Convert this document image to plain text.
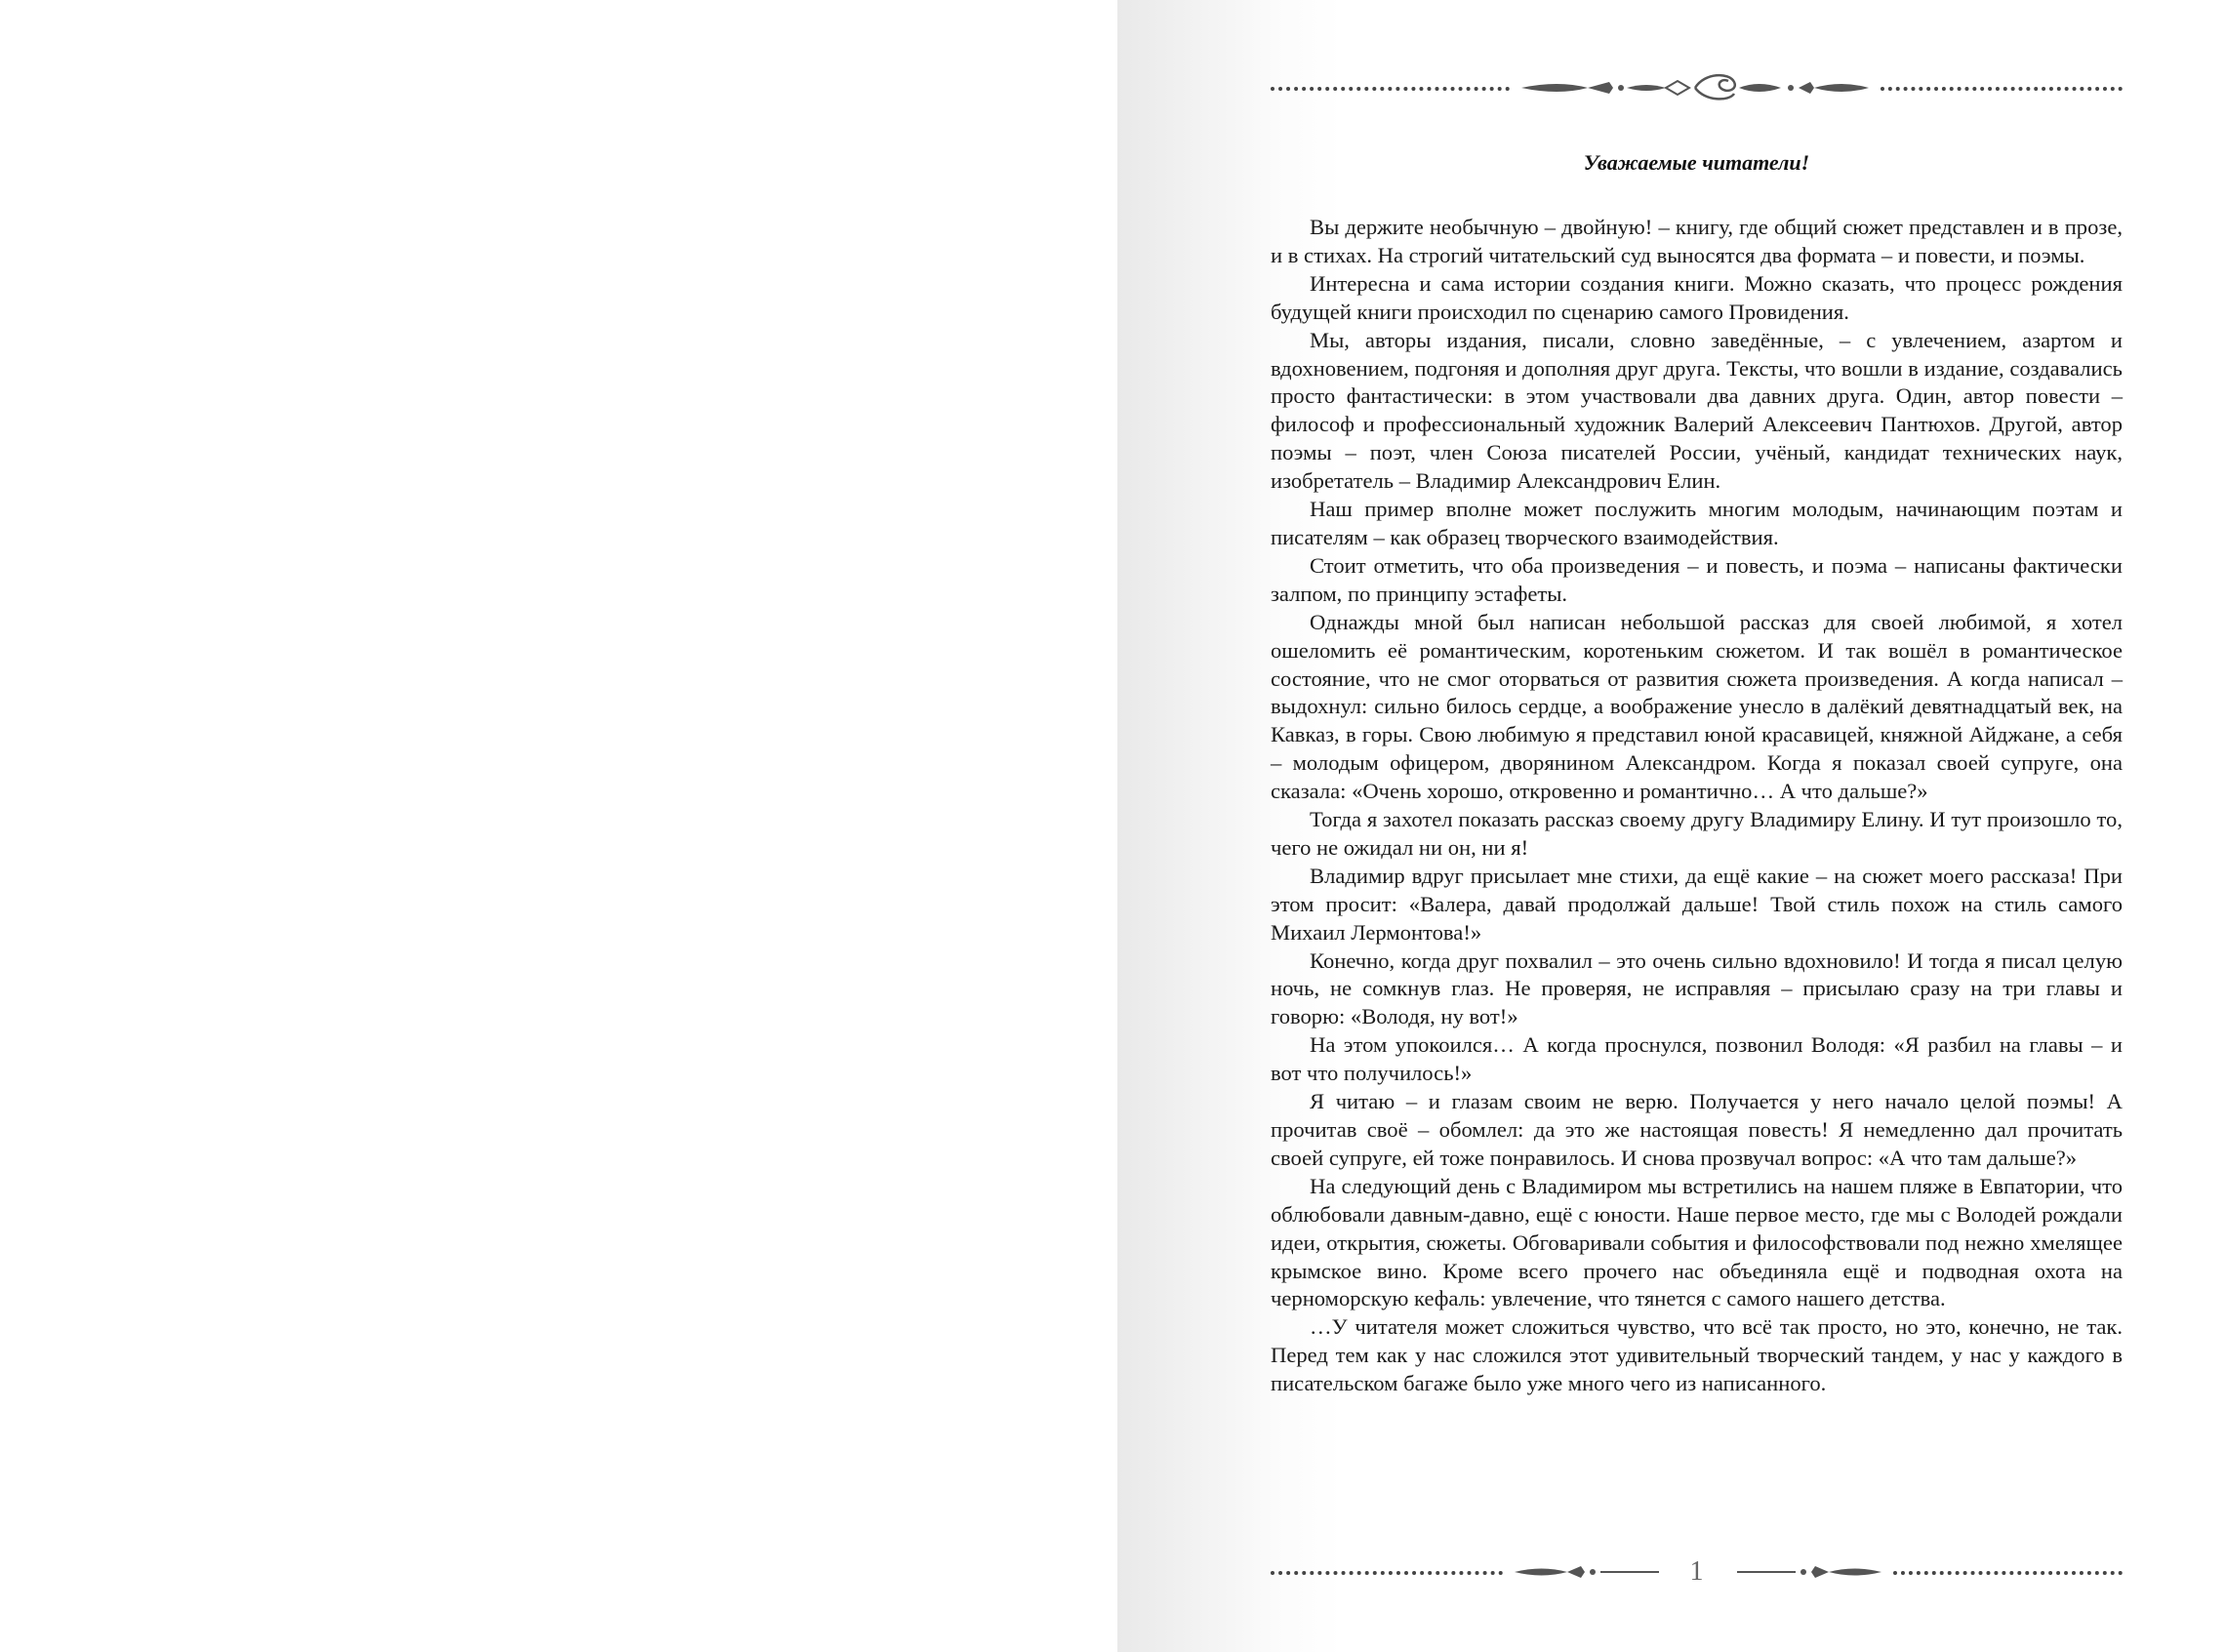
Уважаемые читатели!

Вы держите необычную – двойную! – книгу, где общий сюжет представлен и в прозе, и в стихах. На строгий читательский суд выносятся два формата – и повести, и поэмы.

Интересна и сама истории создания книги. Можно сказать, что процесс рождения будущей книги происходил по сценарию самого Провидения.

Мы, авторы издания, писали, словно заведённые, – с увлечением, азартом и вдохновением, подгоняя и дополняя друг друга. Тексты, что вошли в издание, создавались просто фантастически: в этом участвовали два давних друга. Один, автор повести – философ и профессиональный художник Валерий Алексеевич Пантюхов. Другой, автор поэмы – поэт, член Союза писателей России, учёный, кандидат технических наук, изобретатель – Владимир Александрович Елин.

Наш пример вполне может послужить многим молодым, начинающим поэтам и писателям – как образец творческого взаимодействия.

Стоит отметить, что оба произведения – и повесть, и поэма – написаны фактически залпом, по принципу эстафеты.

Однажды мной был написан небольшой рассказ для своей любимой, я хотел ошеломить её романтическим, коротеньким сюжетом. И так вошёл в романтическое состояние, что не смог оторваться от развития сюжета произведения. А когда написал – выдохнул: сильно билось сердце, а воображение унесло в далёкий девятнадцатый век, на Кавказ, в горы. Свою любимую я представил юной красавицей, княжной Айджане, а себя – молодым офицером, дворянином Александром. Когда я показал своей супруге, она сказала: «Очень хорошо, откровенно и романтично… А что дальше?»

Тогда я захотел показать рассказ своему другу Владимиру Елину. И тут произошло то, чего не ожидал ни он, ни я!

Владимир вдруг присылает мне стихи, да ещё какие – на сюжет моего рассказа! При этом просит: «Валера, давай продолжай дальше! Твой стиль похож на стиль самого Михаил Лермонтова!»

Конечно, когда друг похвалил – это очень сильно вдохновило! И тогда я писал целую ночь, не сомкнув глаз. Не проверяя, не исправляя – присылаю сразу на три главы и говорю: «Володя, ну вот!»

На этом упокоился… А когда проснулся, позвонил Володя: «Я разбил на главы – и вот что получилось!»

Я читаю – и глазам своим не верю. Получается у него начало целой поэмы! А прочитав своё – обомлел: да это же настоящая повесть! Я немедленно дал прочитать своей супруге, ей тоже понравилось. И снова прозвучал вопрос: «А что там дальше?»

На следующий день с Владимиром мы встретились на нашем пляже в Евпатории, что облюбовали давным-давно, ещё с юности. Наше первое место, где мы с Володей рождали идеи, открытия, сюжеты. Обговаривали события и философствовали под нежно хмелящее крымское вино. Кроме всего прочего нас объединяла ещё и подводная охота на черноморскую кефаль: увлечение, что тянется с самого нашего детства.

…У читателя может сложиться чувство, что всё так просто, но это, конечно, не так. Перед тем как у нас сложился этот удивительный творческий тандем, у нас у каждого в писательском багаже было уже много чего из написанного.

1
